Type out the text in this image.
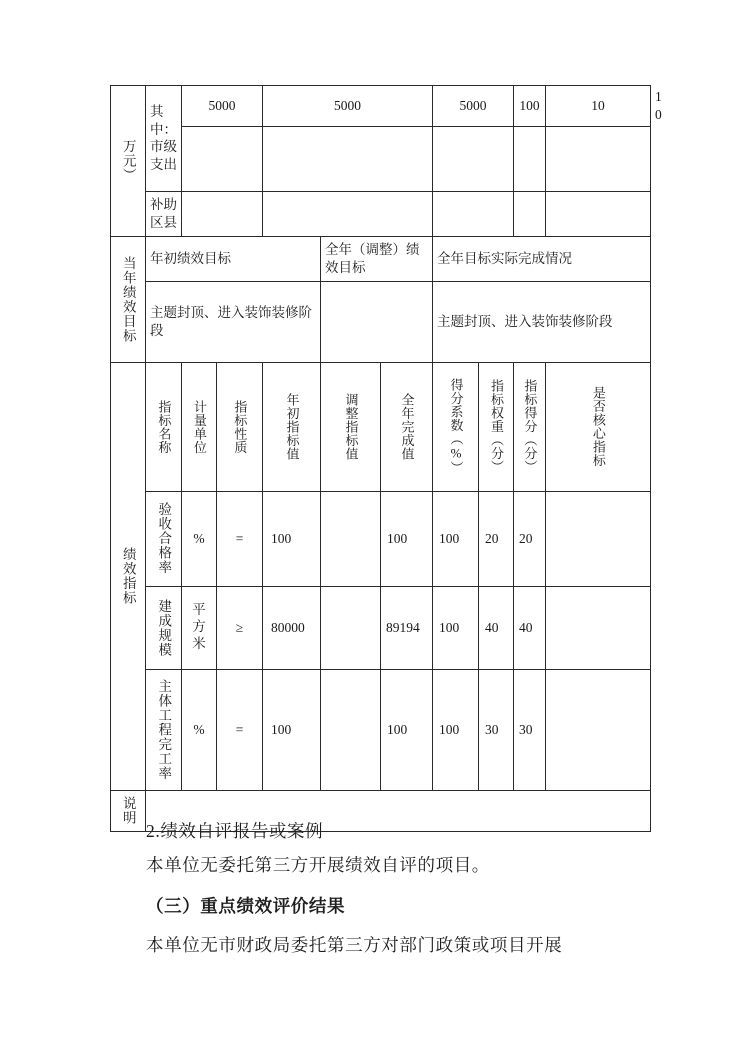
万元）	其中：市级支出	5000		5000			5000		100	10	10

	补助区县										

当年绩效目标	年初绩效目标				全年（调整）绩效目标		全年目标实际完成情况				
	主题封顶、进入装饰装修阶段						主题封顶、进入装饰装修阶段				

绩效指标	指标名称	计量单位	指标性质	年初指标值	调整指标值	全年完成值	得分系数（%）	指标权重（分）	指标得分（分）	是否核心指标	

	验收合格率	%	=	100		100	100	20	20		

	建成规模	平方米	≥	80000		89194	100	40	40		

	主体工程完工率	%	=	100		100	100	30	30		

说明											

2.绩效自评报告或案例
本单位无委托第三方开展绩效自评的项目。
（三）重点绩效评价结果
本单位无市财政局委托第三方对部门政策或项目开展
